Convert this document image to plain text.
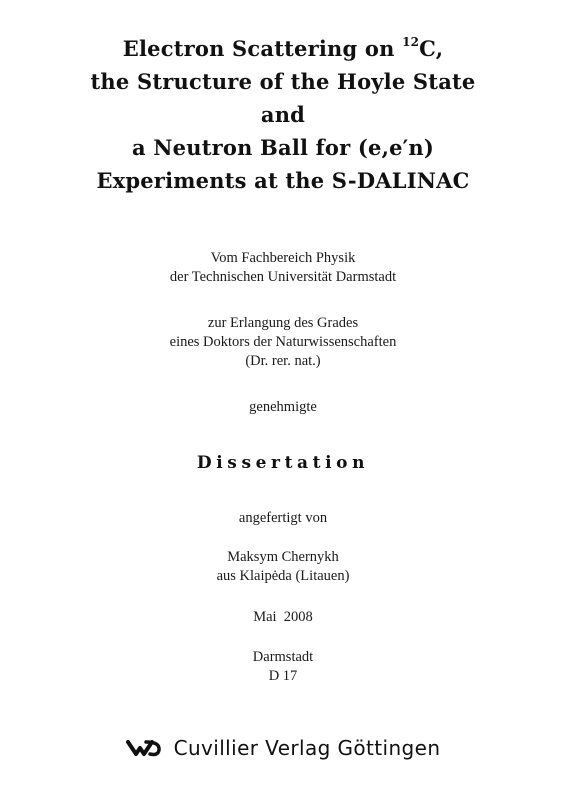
Electron Scattering on $^{12}$C,
the Structure of the Hoyle State
and
a Neutron Ball for (e,e′n)
Experiments at the S-DALINAC
Vom Fachbereich Physik
der Technischen Universität Darmstadt
zur Erlangung des Grades
eines Doktors der Naturwissenschaften
(Dr. rer. nat.)
genehmigte
Dissertation
angefertigt von
Maksym Chernykh
aus Klaipėda (Litauen)
Mai  2008
Darmstadt
D 17
Cuvillier Verlag Göttingen
